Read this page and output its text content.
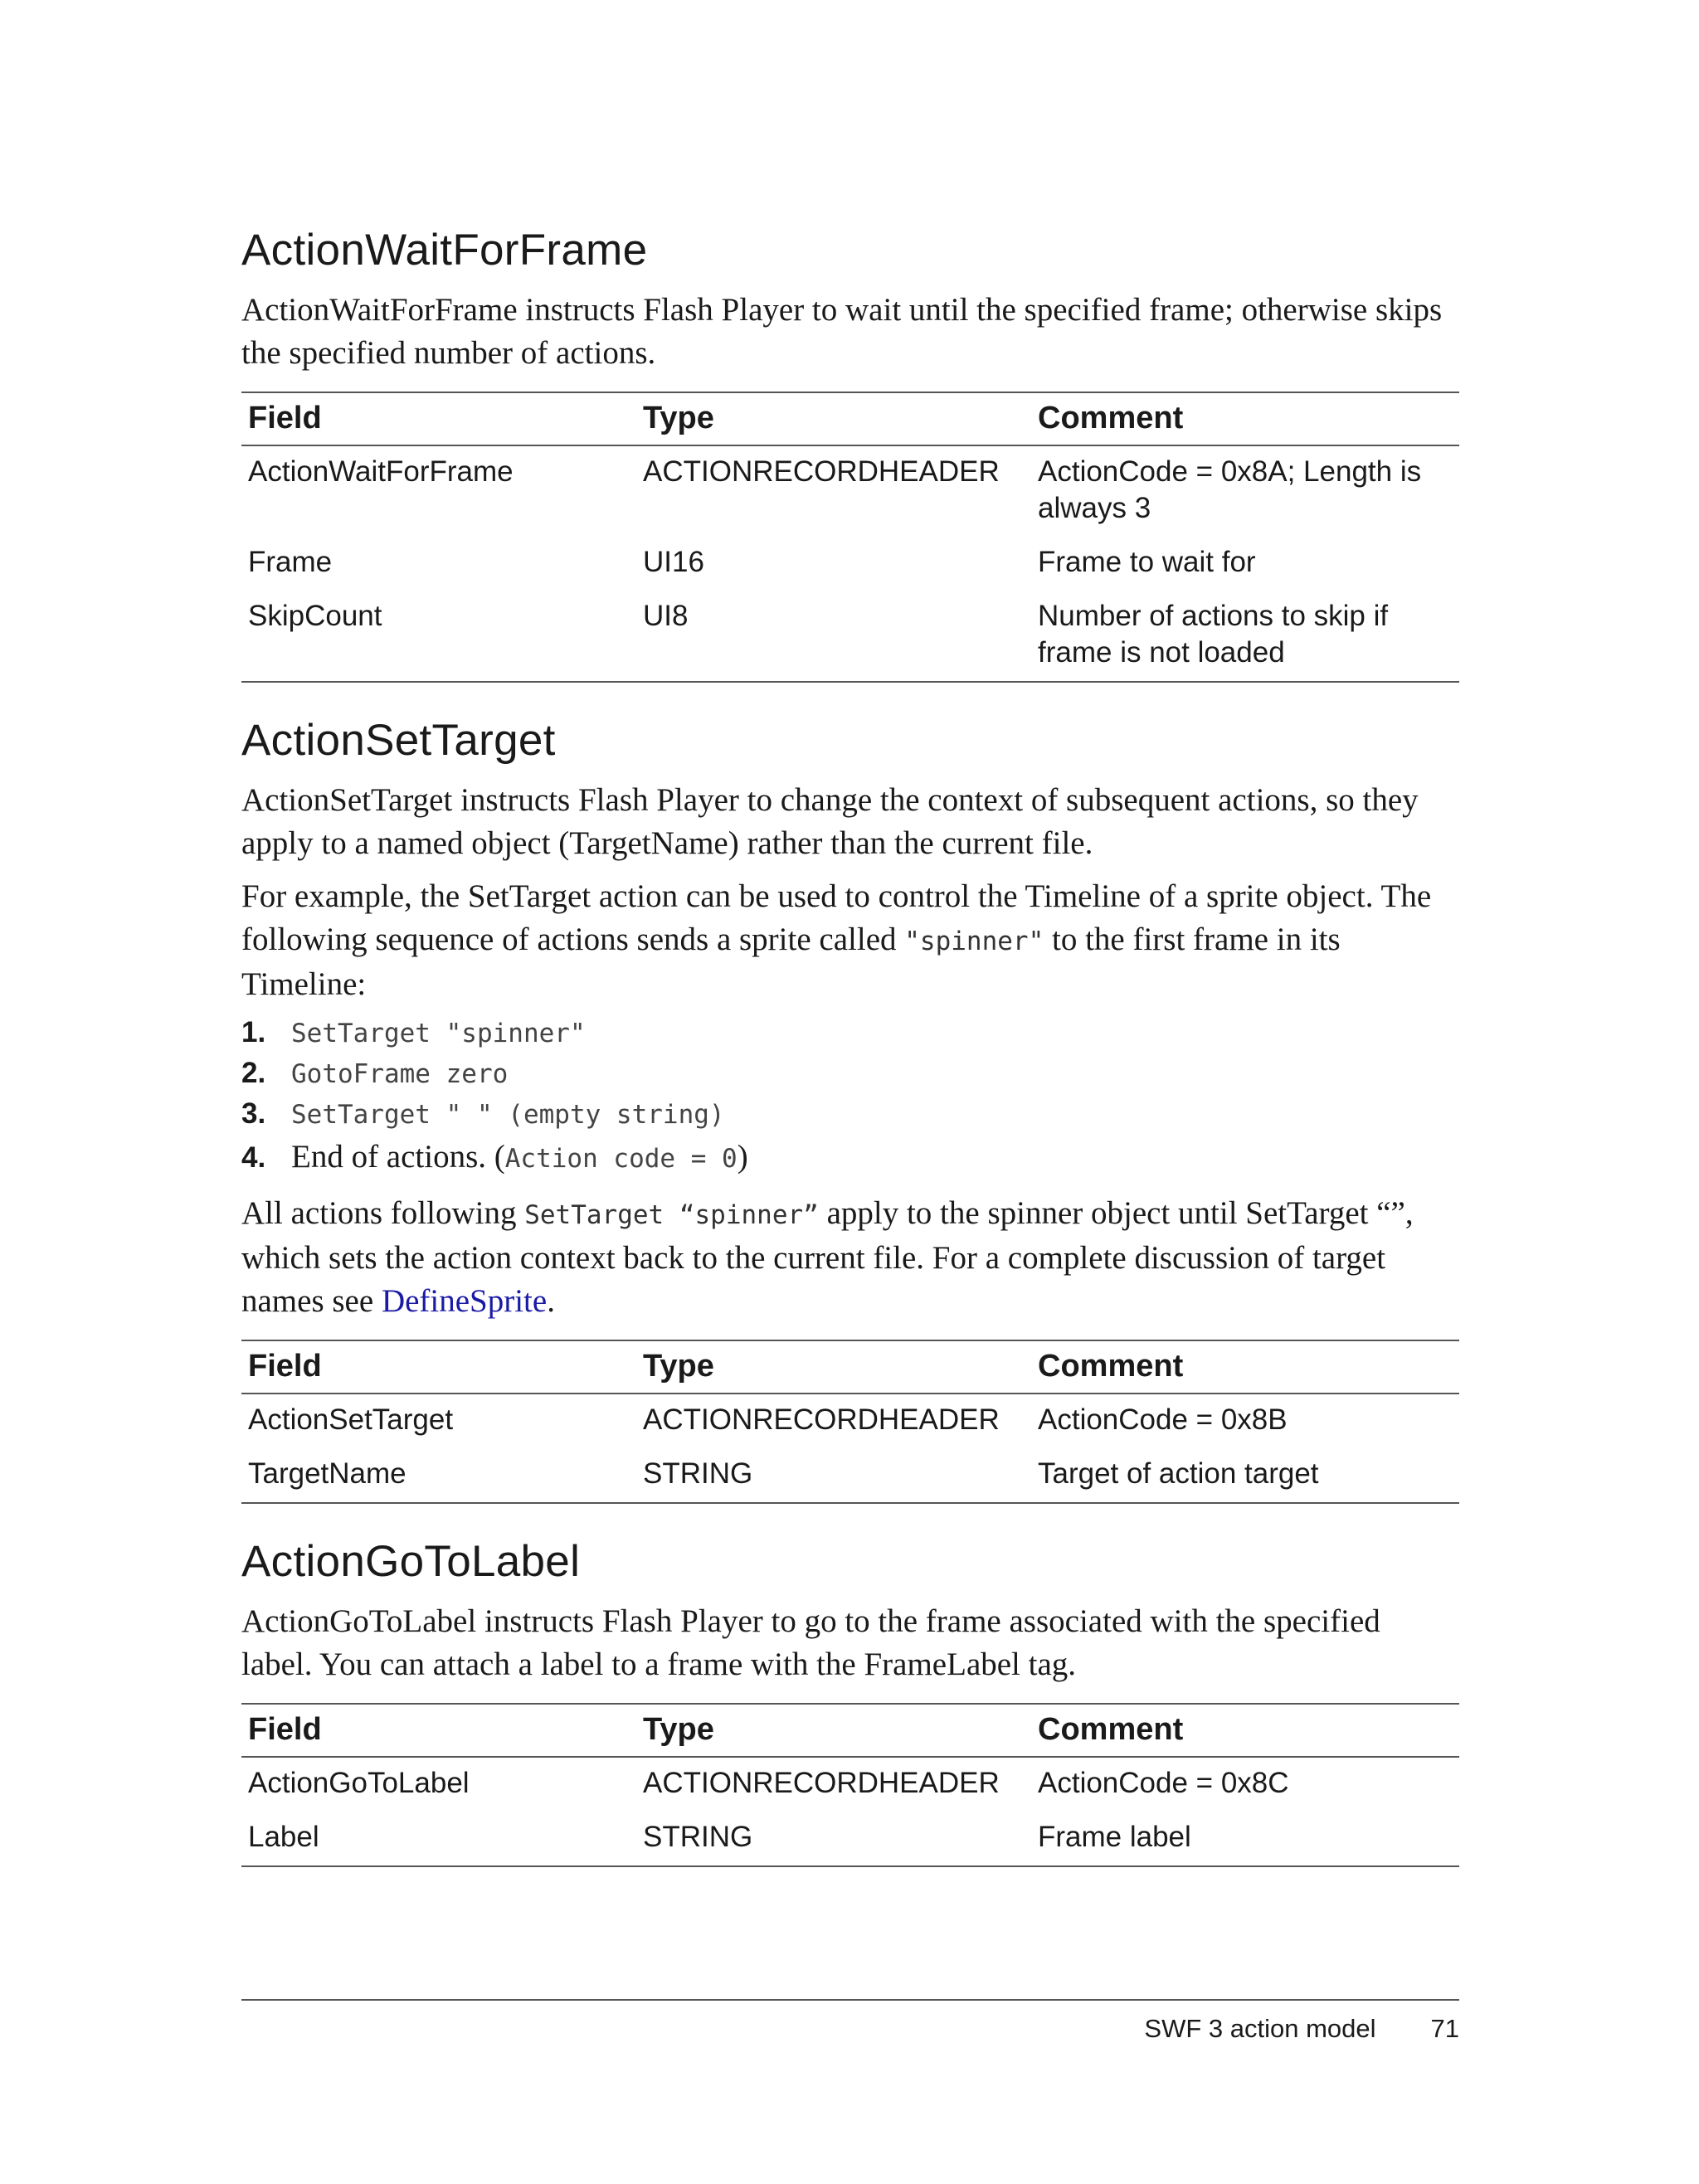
ActionWaitForFrame

ActionWaitForFrame instructs Flash Player to wait until the specified frame; otherwise skips the specified number of actions.

Field	Type	Comment
ActionWaitForFrame	ACTIONRECORDHEADER	ActionCode = 0x8A; Length is always 3
Frame	UI16	Frame to wait for
SkipCount	UI8	Number of actions to skip if frame is not loaded
ActionSetTarget

ActionSetTarget instructs Flash Player to change the context of subsequent actions, so they apply to a named object (TargetName) rather than the current file.

For example, the SetTarget action can be used to control the Timeline of a sprite object. The following sequence of actions sends a sprite called "spinner" to the first frame in its Timeline:

1. SetTarget "spinner"
2. GotoFrame zero
3. SetTarget " " (empty string)
4. End of actions. (Action code = 0)

All actions following SetTarget “spinner” apply to the spinner object until SetTarget “”, which sets the action context back to the current file. For a complete discussion of target names see DefineSprite.

Field	Type	Comment
ActionSetTarget	ACTIONRECORDHEADER	ActionCode = 0x8B
TargetName	STRING	Target of action target
ActionGoToLabel

ActionGoToLabel instructs Flash Player to go to the frame associated with the specified label. You can attach a label to a frame with the FrameLabel tag.

Field	Type	Comment
ActionGoToLabel	ACTIONRECORDHEADER	ActionCode = 0x8C
Label	STRING	Frame label
SWF 3 action model 71
